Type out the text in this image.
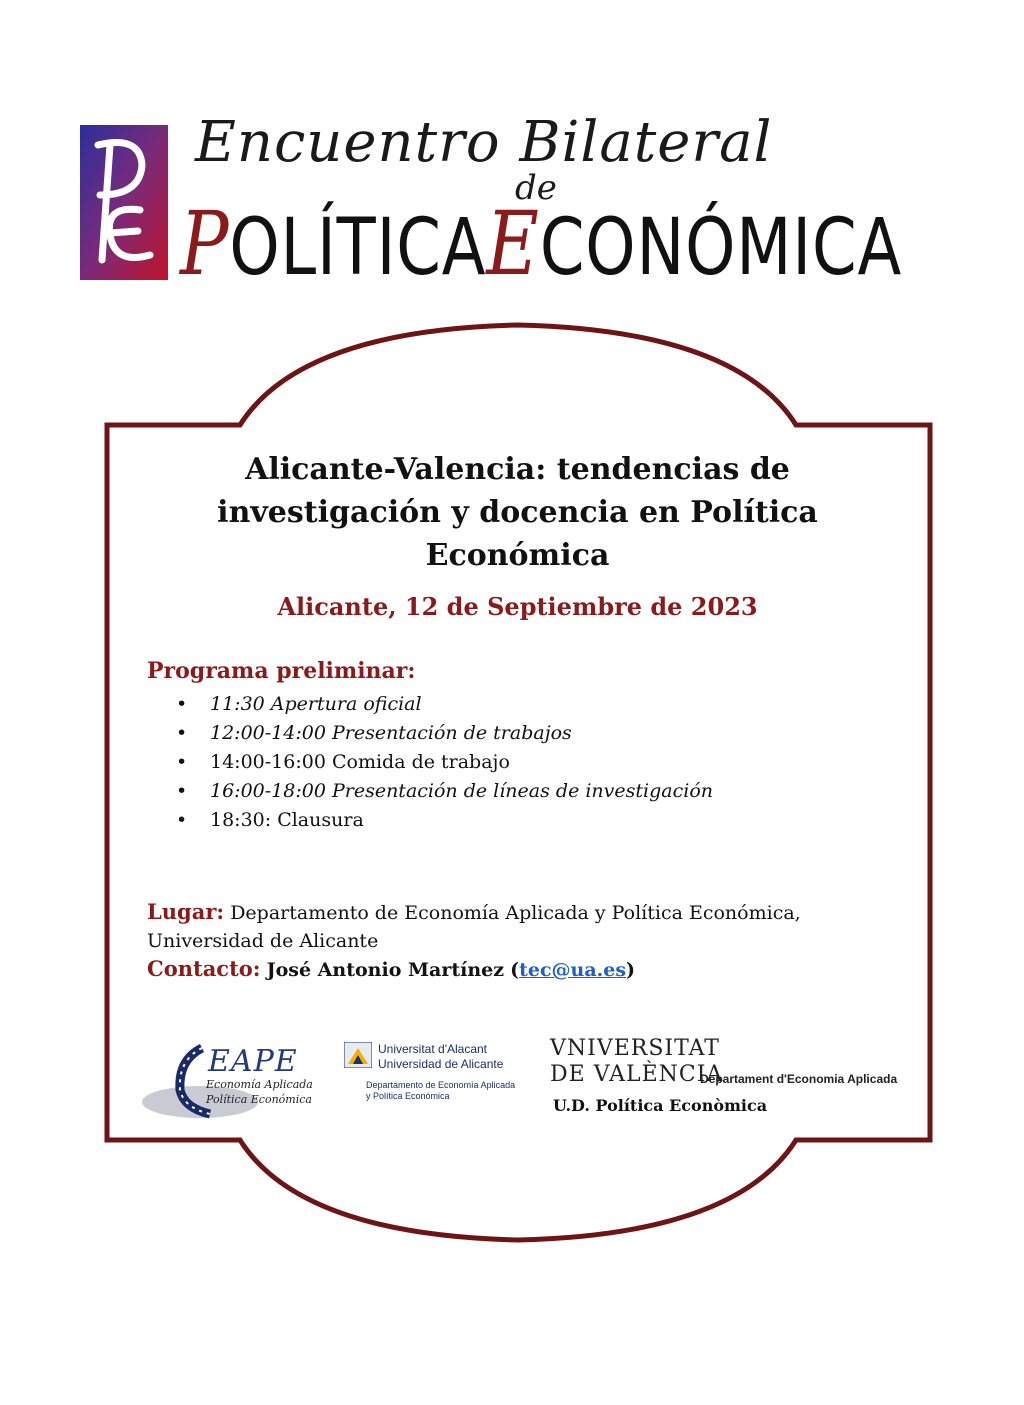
Encuentro Bilateral
de
POLÍTICAECONÓMICA
Alicante-Valencia: tendencias de investigación y docencia en Política Económica
Alicante, 12 de Septiembre de 2023
Programa preliminar:
• 11:30 Apertura oficial
• 12:00-14:00 Presentación de trabajos
• 14:00-16:00 Comida de trabajo
• 16:00-18:00 Presentación de líneas de investigación
• 18:30: Clausura
Lugar: Departamento de Economía Aplicada y Política Económica, Universidad de Alicante
Contacto: José Antonio Martínez (tec@ua.es)
EAPE
Economía Aplicada
Política Económica
Universitat d'Alacant
Universidad de Alicante
Departamento de Economía Aplicada y Política Económica
VNIVERSITAT
DE VALÈNCIA
Departament d'Economia Aplicada
U.D. Política Econòmica
